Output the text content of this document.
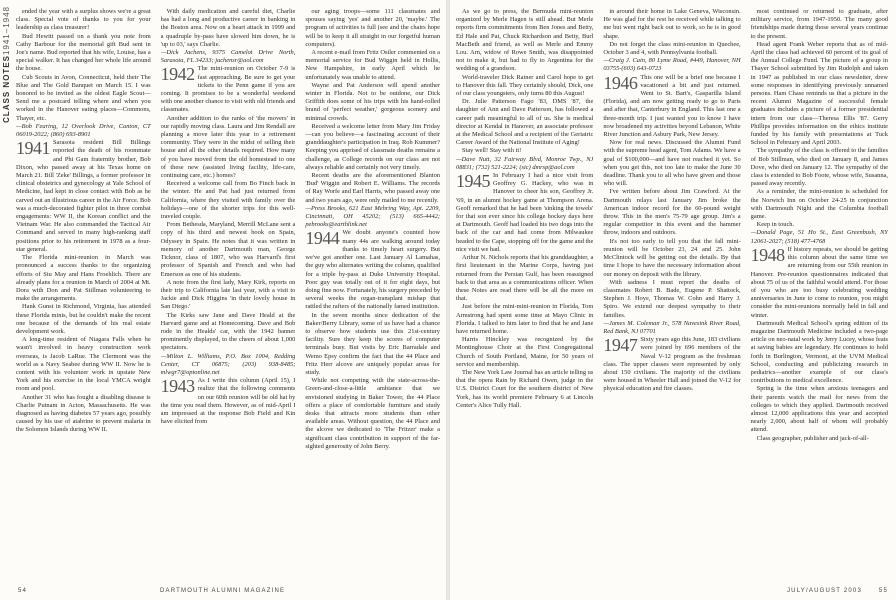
1941–1948
CLASS NOTES

ended the year with a surplus shows we're a great class. Special vote of thanks to you for your leadership as class treasurer!

Bud Hewitt passed on a thank you note from Cathy Barbour for the memorial gift Bud sent in Joe's name. Bud reported that his wife, Louise, has a special walker. It has changed her whole life around the house.

Cub Scouts in Avon, Connecticut, held their The Blue and The Gold Banquet on March 15. I was honored to be invited as the oldest Eagle Scout—Send me a postcard telling where and when you worked in the Hanover eating places—Commons, Thayer, etc.

—Bob Fearing, 12 Overlook Drive, Canton, CT 06019-2022; (860) 693-8901

1941 Sarasota resident Bill Billings reported the death of his roommate and Phi Gam fraternity brother, Bob Dixon, who passed away at his Texas home on March 21. Bill 'Zeke' Billings, a former professor in clinical obstetrics and gynecology at Yale School of Medicine, had kept in close contact with Bob as he carved out an illustrious career in the Air Force. Bob was a much-decorated fighter pilot in three combat engagements: WW II, the Korean conflict and the Vietnam War. He also commanded the Tactical Air Command and served in many high-ranking staff positions prior to his retirement in 1978 as a four-star general.

The Florida mini-reunion in March was pronounced a success thanks to the organizing efforts of Stu May and Hans Froehlich. There are already plans for a reunion in March of 2004 at Mt. Dora with Don and Pat Stillman volunteering to make the arrangements.

Hank Gunst in Richmond, Virginia, has attended these Florida minis, but he couldn't make the recent one because of the demands of his real estate development work.

A long-time resident of Niagara Falls when he wasn't involved in heavy construction work overseas, is Jacob LaRue. The Clermont was the world as a Navy Seabee during WW II. Now he is content with his volunteer work in upstate New York and his exercise in the local YMCA weight room and pool.

Another 31 who has fought a disabling disease is Charlie Putnam in Acton, Massachusetts. He was diagnosed as having diabetes 57 years ago, possibly caused by his use of atabrine to prevent malaria in the Solomon Islands during WW II.

With daily medication and careful diet, Charlie has had a long and productive career in banking in the Boston area. Now on a heart attack in 1999 and a quadruple by-pass have slowed him down, he is 'up to 03,' says Charlie.

—Dick Jachens, 9375 Camelot Drive North, Sarasota, FL 34233; jachensr@aol.com

1942 The mini-reunion on October 7-9 is fast approaching. Be sure to get your tickets to the Penn game if you are coming. It promises to be a wonderful weekend with one another chance to visit with old friends and classmates.

Another addition to the ranks of 'the movers' in our rapidly moving class. Laura and Jim Rendall are planning a move later this year to a retirement community. They were in the midst of selling their house and all the other details required. How many of you have moved from the old homestead to one of these new (assisted living facility, life-care, continuing care, etc.) homes?

Received a welcome call from Bo Finch back in the winter. He and Pat had just returned from California, where they visited with family over the holidays—one of the shorter trips for this well-traveled couple.

From Bethesda, Maryland, Merrill McLane sent a copy of his third and newest book on Spain, Odyssey in Spain. He notes that it was written in memory of another Dartmouth man, George Ticknor, class of 1807, who was Harvard's first professor of Spanish and French and who had Emerson as one of his students.

A note from the first lady, Mary Kirk, reports on their trip to California late last year, with a visit to Jackie and Dick Higgins 'in their lovely house in San Diego.'

The Kirks saw Jane and Dave Heald at the Harvard game and at Homecoming. Dave and Bob rode in the Healds' car, with the 1942 banner prominently displayed, to the cheers of about 1,000 spectators.

—Milton L. Williams, P.O. Box 1004, Redding Center, CT 06875; (203) 938-8485; mlwgr7@optonline.net

1943 As I write this column (April 15), I realize that the following comments on our 60th reunion will be old hat by the time you read them. However, as of mid-April I am impressed at the response Bob Field and Kin have elicited from

our aging troops—some 111 classmates and spouses saying 'yes' and another 20, 'maybe.' The program of activities is full (see and the chairs hope will be to keep it all straight in our forgetful human computers).

A recent e-mail from Fritz Ostler commented on a memorial service for Bud Wiggin held in Hollis, New Hampshire, in early April which he unfortunately was unable to attend.

Wayne and Pat Anderson will spend another winter in Florida. Not to be outdone, our Dick Griffith does some of his trips with his hand-rolled brand of 'perfect weather,' gorgeous scenery and minimal crowds.

Received a welcome letter from Mary Jim Friday—can you believe—a fascinating account of their granddaughter's participation in Iraq. Rob Kummer? Keeping you apprised of classmate deaths remains a challenge, as College records on our class are not always reliable and certainly not very timely.

Recent deaths are the aforementioned Blanton 'Bud' Wiggin and Robert E. Williams. The records of Ray Worfe and Earl Harris, who passed away one and two years ago, were only mailed to me recently.

—Press Brooks, 621 East Mehring Way, Apt. 2209, Cincinnati, OH 45202; (513) 665-4442; pebrooks@earthlink.net

1944 We doubt anyone's counted how many 44s are walking around today thanks to timely heart surgery. But we've got another one. Last January Al Lamahas, the guy who alternates writing the column, qualified for a triple by-pass at Duke University Hospital. Poor guy was totally out of it for eight days, but doing fine now. Fortunately, his surgery preceded by several weeks the organ-transplant mishap that rattled the rafters of the nationally famed institution.

In the seven months since dedication of the Baker/Berry Library, some of us have had a chance to observe how students use this 21st-century facility. Sure they keep the scores of computer terminals busy. But visits by Eric Barradale and Wemo Epsy confirm the fact that the 44 Place and Fritz Herr alcove are uniquely popular areas for study.

While not competing with the state-across-the-Green-and-close-a-little ambiance that we envisioned studying in Baker Tower, the 44 Place offers a place of comfortable furniture and study desks that attracts more students than other available areas. Without question, the 44 Place and the alcove we dedicated to 'The Fritzer' make a significant class contribution in support of the far-sighted generosity of John Berry.

54	DARTMOUTH ALUMNI MAGAZINE

As we go to press, the Bermuda mini-reunion organized by Merle Hagen is still ahead. But Merle reports firm commitments from Ben Jones and Betty, Ed Hale and Pat, Chuck Richardson and Betty, Burl MacBeth and friend, as well as Merle and Emmy Lou. Arn, widow of Rowe Smith, was disappointed not to make it, but had to fly to Argentina for the wedding of a grandson.

World-traveler Dick Rainer and Carol hope to get to Hanover this fall. They certainly should, Dick, one of our class youngsters, only turns 80 this August!

Dr. Julie Patterson Fago '83, DMS '87, the daughter of Ann and Dave Patterson, has followed a career path meaningful to all of us. She is medical director at Kendal in Hanover, an associate professor at the Medical School and a recipient of the Geriatric Career Award of the National Institute of Aging!

Stay well! Stay with it!

—Dave Nutt, 32 Fairway Blvd, Monroe Twp., NJ 08831; (732) 521-2224; (sic) dmrsp@aol.com

1945 In February I had a nice visit from Geoffrey G. Hackey, who was in Hanover to cheer his son, Geoffrey Jr. '69, in an alumni hockey game at Thompson Arena. Geoff remarked that he had been 'sinking the towels' for that son ever since his college hockey days here at Dartmouth. Geoff had loaded his two dogs into the back of the car and had come from Milwaukee headed to the Cape, stopping off for the game and the nice visit we had.

Arthur N. Nichols reports that his granddaughter, a first lieutenant in the Marine Corps, having just returned from the Persian Gulf, has been reassigned back to that area as a communications officer. When these Notes are read there will be all the more on that.

Just before the mini-mini-reunion in Florida, Tom Armstrong had spent some time at Mayo Clinic in Florida. I talked to him later to find that he and Jane have returned home.

Harris Hinckley was recognized by the Montinghouse Choir at the First Congregational Church of South Portland, Maine, for 50 years of service and membership.

The New York Law Journal has an article telling us that the opera Rain by Richard Owen, judge in the U.S. District Court for the southern district of New York, has its world premiere February 6 at Lincoln Center's Alice Tully Hall.

in around their home in Lake Geneva, Wisconsin. He was glad for the rest he received while talking to me but went right back out to work, so he is in good shape.

Do not forget the class mini-reunion in Quechee, October 3 and 4, with Pennsylvania football.

—Craig J. Cain, 80 Lyme Road, #449, Hanover, NH 03755-(603) 643-0723

1946 This one will be a brief one because I vacationed a bit and just returned. Went to St. Bart's, Gasparilla Island (Florida), and am now getting ready to go to Paris and after that, Canterbury in England. This last one a three-month trip. I just wanted you to know I have now broadened my activities beyond Lebanon, White River Junction and Asbury Park, New Jersey.

Now for real news. Discussed the Alumni Fund with the supreme head agent, Tom Adams. We have a goal of $100,000—and have not reached it yet. So when you get this, not too late to make the June 30 deadline. Thank you to all who have given and those who will.

I've written before about Jim Crawford. At the Dartmouth relays last January Jim broke the American indoor record for the 60-pound weight throw. This in the men's 75-79 age group. Jim's a regular competitor in this event and the hammer throw, indoors and outdoors.

It's not too early to tell you that the fall mini-reunion will be October 23, 24 and 25. John McClintock will be getting out the details. By that time I hope to have the necessary information about our money on deposit with the library.

With sadness I must report the deaths of classmates Robert B. Bade, Eugene P. Shattock, Stephen J. Hoye, Thomas W. Cohn and Harry J. Spiro. We extend our deepest sympathy to their families.

—James M. Coleman Jr., 578 Navesink River Road, Red Bank, NJ 07701

1947 Sixty years ago this June, 183 civilians were joined by 696 members of the Naval V-12 program as the freshman class. The upper classes were represented by only about 150 civilians. The majority of the civilians were housed in Wheeler Hall and joined the V-12 for physical education and fire classes.

most continued or returned to graduate, after military service, from 1947-1950. The many good friendships made during those several years continue to the present.

Head agent Frank Weber reports that as of mid-April the class had achieved 60 percent of its goal of the Annual College Fund. The picture of a group in Thayer School submitted by Jim Rudolph and taken in 1947 as published in our class newsletter, drew some responses in identifying previously unnamed persons. Ham Chase reminds us that a picture in the recent Alumni Magazine of successful female graduates includes a picture of a former presidential intern from our class—Theresa Ellis '87. Gerry Phillips provides information on the ethics institute funded by his family with presentations at Tuck School in February and April 2003.

The sympathy of the class is offered to the families of Bob Stillman, who died on January 8, and James Dove, who died on January 12. The sympathy of the class is extended to Bob Foote, whose wife, Susanna, passed away recently.

As a reminder, the mini-reunion is scheduled for the Norwich Inn on October 24-25 in conjunction with Dartmouth Night and the Columbia football game.

Keep in touch.

—Donald Page, 51 Ho St., East Greenbush, NY 12061-2027; (518) 477-4768

1948 If history repeats, we should be getting this column about the same time we are returning from our 55th reunion in Hanover. Pre-reunion questionnaires indicated that about 75 of us of the faithful would attend. For those of you who are too busy celebrating wedding anniversaries in June to come to reunion, you might consider the mini-reunions normally held in fall and winter.

Dartmouth Medical School's spring edition of its magazine Dartmouth Medicine included a two-page article on neo-natal work by Jerry Lucey, whose feats at saving babies are legendary. He continues to hold forth in Burlington, Vermont, at the UVM Medical School, conducting and publicizing research in pediatrics—another example of our class's contributions to medical excellence.

Spring is the time when anxious teenagers and their parents watch the mail for news from the colleges to which they applied. Dartmouth received almost 12,000 applications this year and accepted nearly 2,000, about half of whom will probably attend.

Class geographer, publisher and jack-of-all-

JULY/AUGUST 2003	55
